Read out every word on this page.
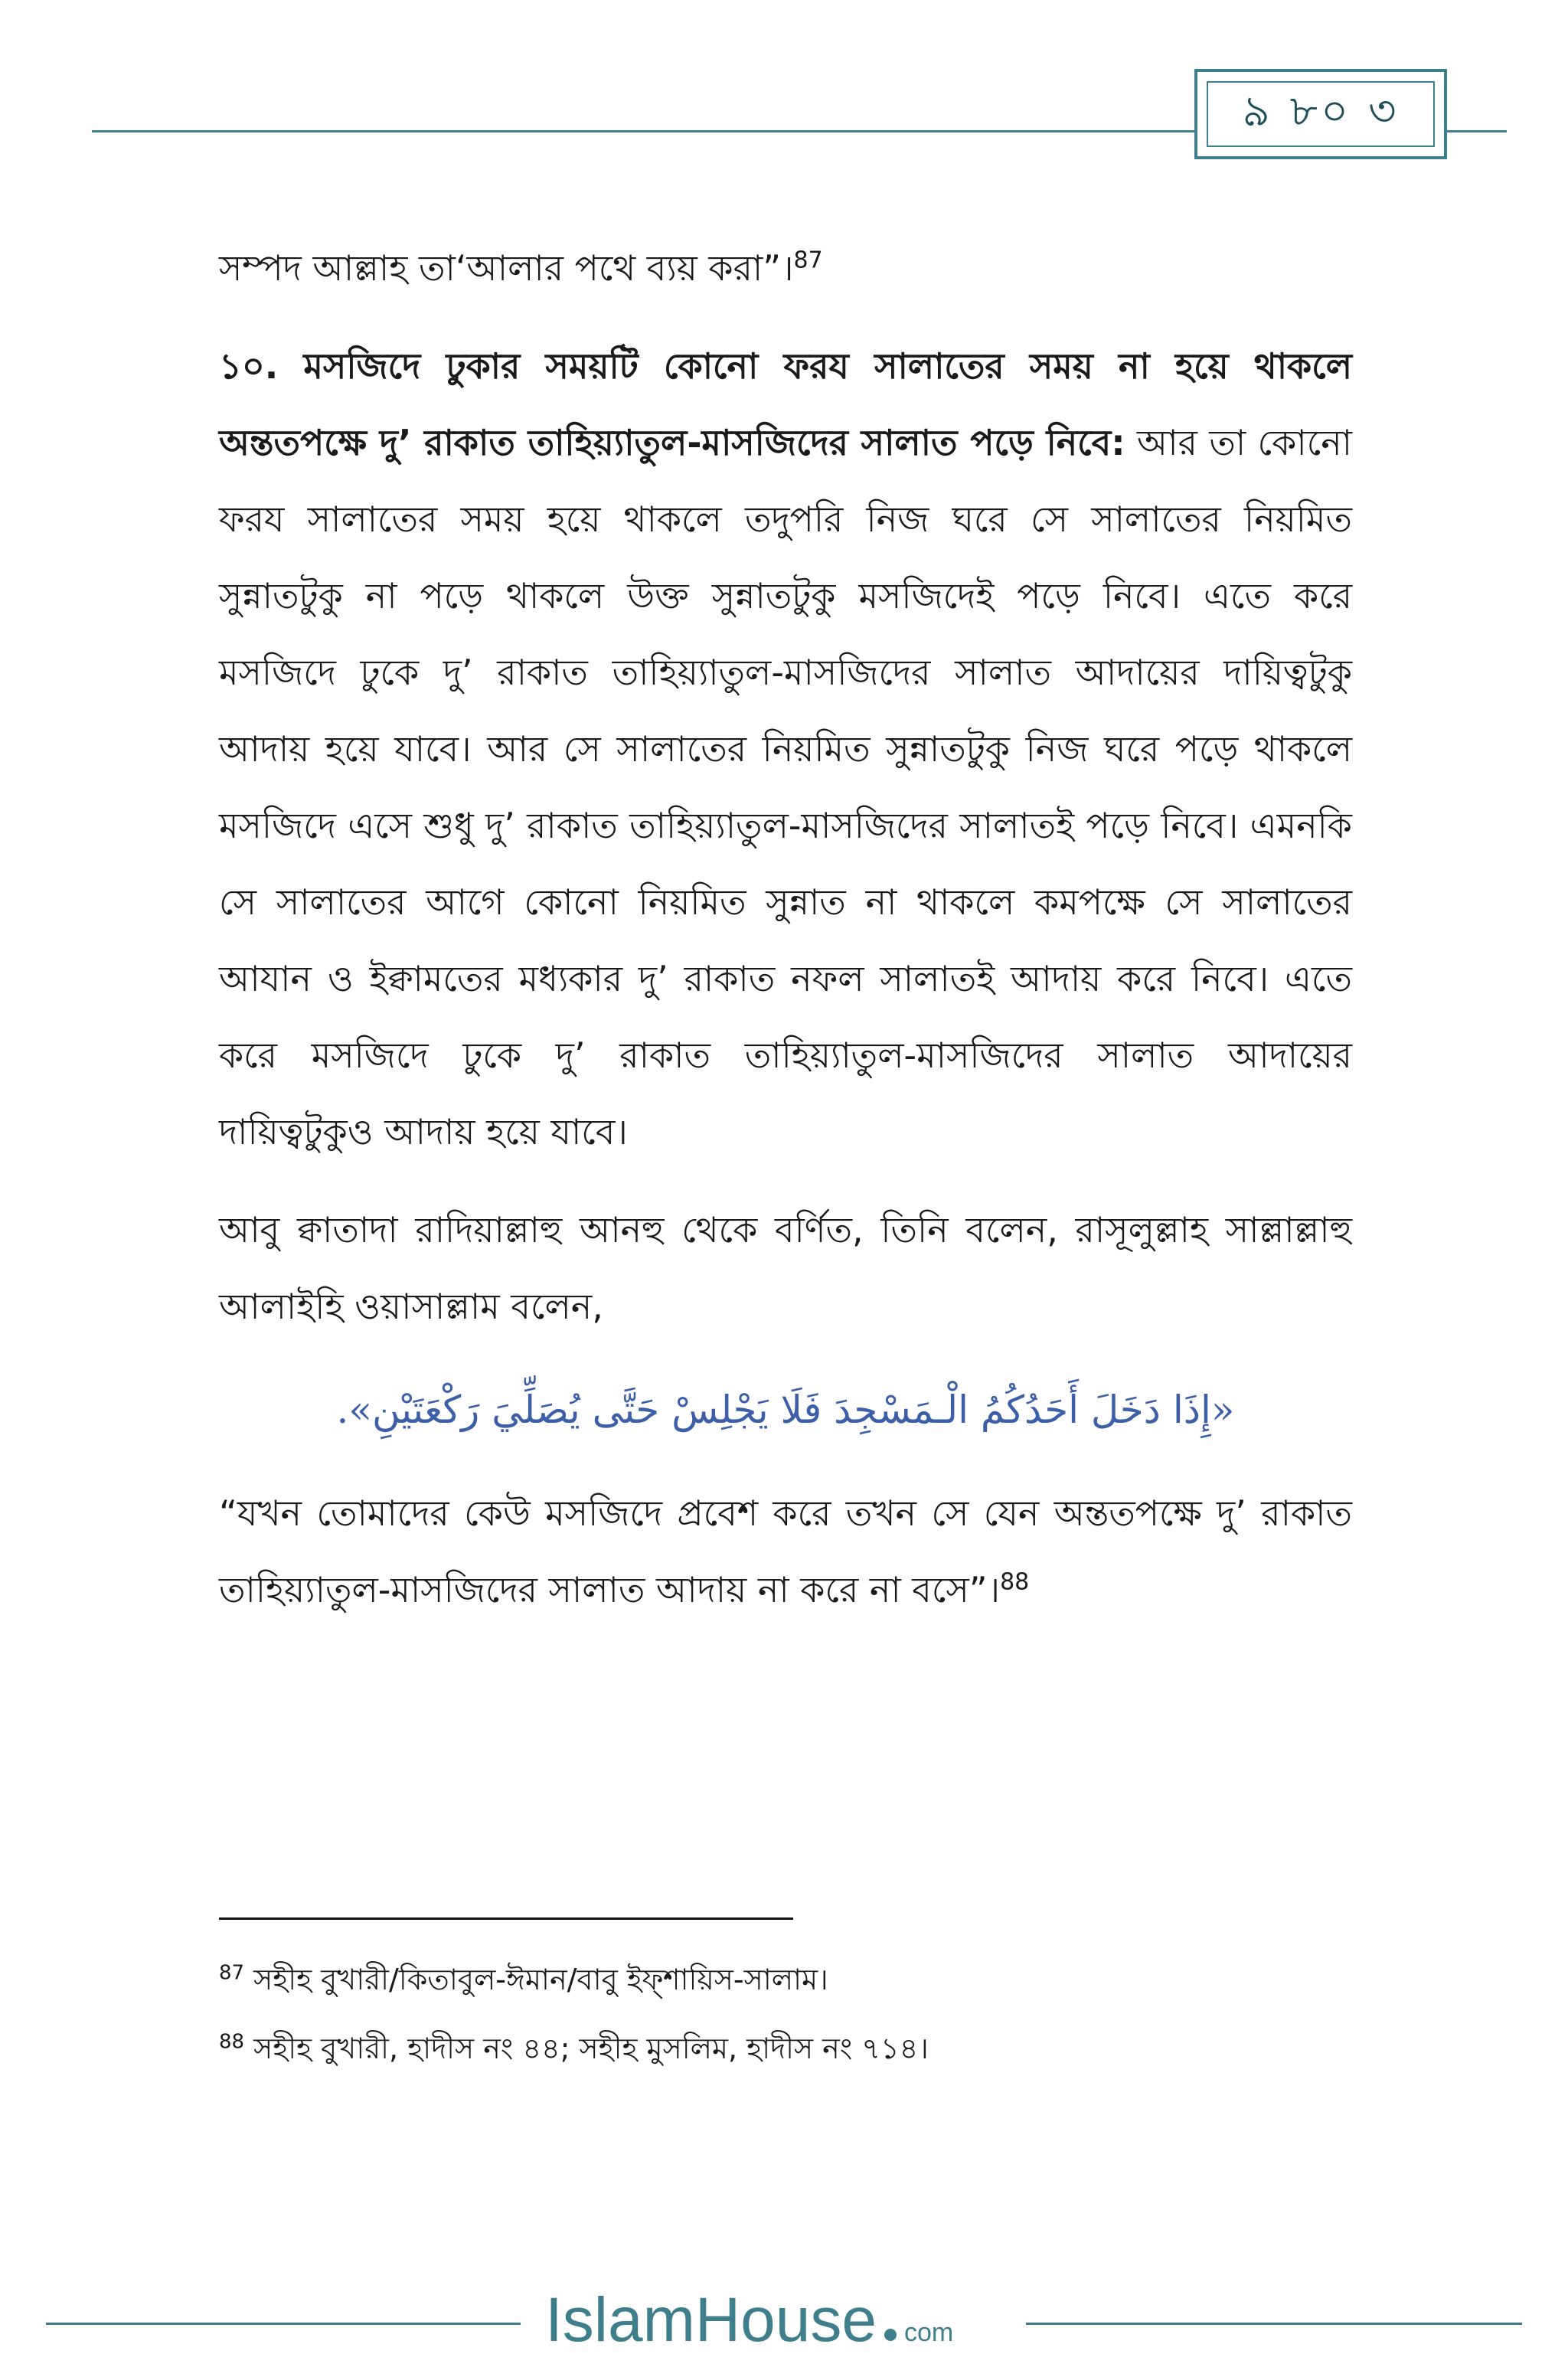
৯ ৮০ ৩

সম্পদ আল্লাহ তা‘আলার পথে ব্যয় করা”।$^{87}$

১০. মসজিদে ঢুকার সময়টি কোনো ফরয সালাতের সময় না হয়ে থাকলে অন্ততপক্ষে দু’ রাকাত তাহিয়্যাতুল-মাসজিদের সালাত পড়ে নিবে: আর তা কোনো ফরয সালাতের সময় হয়ে থাকলে তদুপরি নিজ ঘরে সে সালাতের নিয়মিত সুন্নাতটুকু না পড়ে থাকলে উক্ত সুন্নাতটুকু মসজিদেই পড়ে নিবে। এতে করে মসজিদে ঢুকে দু’ রাকাত তাহিয়্যাতুল-মাসজিদের সালাত আদায়ের দায়িত্বটুকু আদায় হয়ে যাবে। আর সে সালাতের নিয়মিত সুন্নাতটুকু নিজ ঘরে পড়ে থাকলে মসজিদে এসে শুধু দু’ রাকাত তাহিয়্যাতুল-মাসজিদের সালাতই পড়ে নিবে। এমনকি সে সালাতের আগে কোনো নিয়মিত সুন্নাত না থাকলে কমপক্ষে সে সালাতের আযান ও ইক্বামতের মধ্যকার দু’ রাকাত নফল সালাতই আদায় করে নিবে। এতে করে মসজিদে ঢুকে দু’ রাকাত তাহিয়্যাতুল-মাসজিদের সালাত আদায়ের দায়িত্বটুকুও আদায় হয়ে যাবে।

আবু ক্বাতাদা রাদিয়াল্লাহু আনহু থেকে বর্ণিত, তিনি বলেন, রাসূলুল্লাহ সাল্লাল্লাহু আলাইহি ওয়াসাল্লাম বলেন,

«إِذَا دَخَلَ أَحَدُكُمُ الْـمَسْجِدَ فَلَا يَجْلِسْ حَتَّى يُصَلِّيَ رَكْعَتَيْنِ».

“যখন তোমাদের কেউ মসজিদে প্রবেশ করে তখন সে যেন অন্ততপক্ষে দু’ রাকাত তাহিয়্যাতুল-মাসজিদের সালাত আদায় না করে না বসে”।$^{88}$

$^{87}$ সহীহ বুখারী/কিতাবুল-ঈমান/বাবু ইফ্শায়িস-সালাম।

$^{88}$ সহীহ বুখারী, হাদীস নং ৪৪; সহীহ মুসলিম, হাদীস নং ৭১৪।

IslamHouse com
